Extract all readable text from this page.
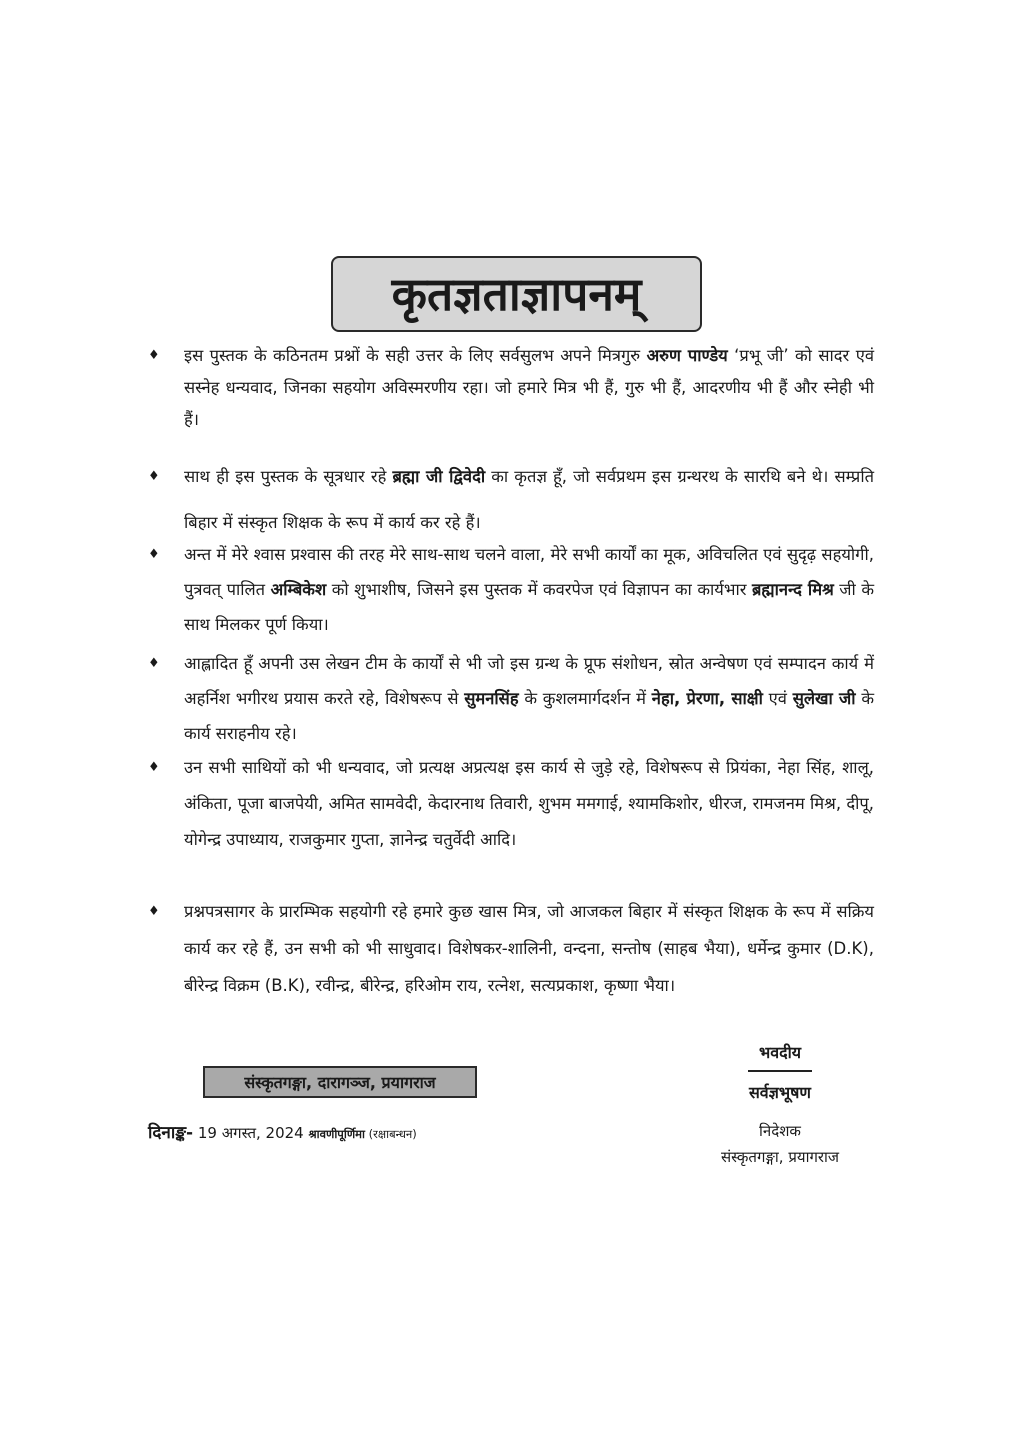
कृतज्ञताज्ञापनम्
♦ इस पुस्तक के कठिनतम प्रश्नों के सही उत्तर के लिए सर्वसुलभ अपने मित्रगुरु अरुण पाण्डेय ‘प्रभू जी’ को सादर एवं सस्नेह धन्यवाद, जिनका सहयोग अविस्मरणीय रहा। जो हमारे मित्र भी हैं, गुरु भी हैं, आदरणीय भी हैं और स्नेही भी हैं।
♦ साथ ही इस पुस्तक के सूत्रधार रहे ब्रह्मा जी द्विवेदी का कृतज्ञ हूँ, जो सर्वप्रथम इस ग्रन्थरथ के सारथि बने थे। सम्प्रति बिहार में संस्कृत शिक्षक के रूप में कार्य कर रहे हैं।
♦ अन्त में मेरे श्वास प्रश्वास की तरह मेरे साथ-साथ चलने वाला, मेरे सभी कार्यों का मूक, अविचलित एवं सुदृढ़ सहयोगी, पुत्रवत् पालित अम्बिकेश को शुभाशीष, जिसने इस पुस्तक में कवरपेज एवं विज्ञापन का कार्यभार ब्रह्मानन्द मिश्र जी के साथ मिलकर पूर्ण किया।
♦ आह्लादित हूँ अपनी उस लेखन टीम के कार्यों से भी जो इस ग्रन्थ के प्रूफ संशोधन, स्रोत अन्वेषण एवं सम्पादन कार्य में अहर्निश भगीरथ प्रयास करते रहे, विशेषरूप से सुमनसिंह के कुशलमार्गदर्शन में नेहा, प्रेरणा, साक्षी एवं सुलेखा जी के कार्य सराहनीय रहे।
♦ उन सभी साथियों को भी धन्यवाद, जो प्रत्यक्ष अप्रत्यक्ष इस कार्य से जुड़े रहे, विशेषरूप से प्रियंका, नेहा सिंह, शालू, अंकिता, पूजा बाजपेयी, अमित सामवेदी, केदारनाथ तिवारी, शुभम ममगाई, श्यामकिशोर, धीरज, रामजनम मिश्र, दीपू, योगेन्द्र उपाध्याय, राजकुमार गुप्ता, ज्ञानेन्द्र चतुर्वेदी आदि।
♦ प्रश्नपत्रसागर के प्रारम्भिक सहयोगी रहे हमारे कुछ खास मित्र, जो आजकल बिहार में संस्कृत शिक्षक के रूप में सक्रिय कार्य कर रहे हैं, उन सभी को भी साधुवाद। विशेषकर-शालिनी, वन्दना, सन्तोष (साहब भैया), धर्मेन्द्र कुमार (D.K), बीरेन्द्र विक्रम (B.K), रवीन्द्र, बीरेन्द्र, हरिओम राय, रत्नेश, सत्यप्रकाश, कृष्णा भैया।
संस्कृतगङ्गा, दारागञ्ज, प्रयागराज
दिनाङ्क- 19 अगस्त, 2024 श्रावणीपूर्णिमा (रक्षाबन्धन)
भवदीय
सर्वज्ञभूषण
निदेशक
संस्कृतगङ्गा, प्रयागराज
